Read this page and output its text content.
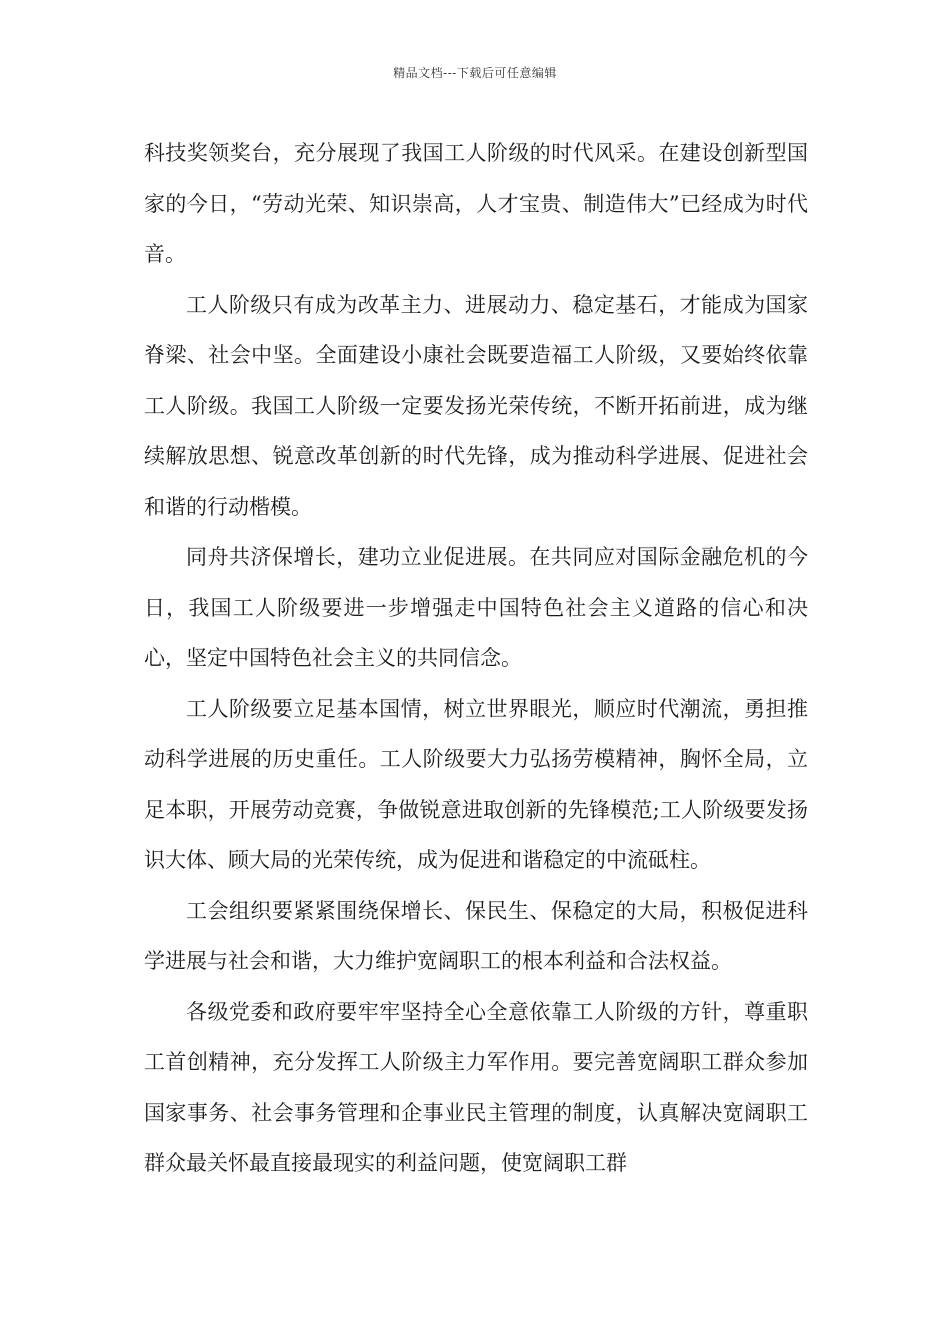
精品文档---下载后可任意编辑

科技奖领奖台，充分展现了我国工人阶级的时代风采。在建设创新型国家的今日，“劳动光荣、知识崇高，人才宝贵、制造伟大”已经成为时代音。

工人阶级只有成为改革主力、进展动力、稳定基石，才能成为国家脊梁、社会中坚。全面建设小康社会既要造福工人阶级，又要始终依靠工人阶级。我国工人阶级一定要发扬光荣传统，不断开拓前进，成为继续解放思想、锐意改革创新的时代先锋，成为推动科学进展、促进社会和谐的行动楷模。

同舟共济保增长，建功立业促进展。在共同应对国际金融危机的今日，我国工人阶级要进一步增强走中国特色社会主义道路的信心和决心，坚定中国特色社会主义的共同信念。

工人阶级要立足基本国情，树立世界眼光，顺应时代潮流，勇担推动科学进展的历史重任。工人阶级要大力弘扬劳模精神，胸怀全局，立足本职，开展劳动竞赛，争做锐意进取创新的先锋模范;工人阶级要发扬识大体、顾大局的光荣传统，成为促进和谐稳定的中流砥柱。

工会组织要紧紧围绕保增长、保民生、保稳定的大局，积极促进科学进展与社会和谐，大力维护宽阔职工的根本利益和合法权益。

各级党委和政府要牢牢坚持全心全意依靠工人阶级的方针，尊重职工首创精神，充分发挥工人阶级主力军作用。要完善宽阔职工群众参加国家事务、社会事务管理和企事业民主管理的制度，认真解决宽阔职工群众最关怀最直接最现实的利益问题，使宽阔职工群
